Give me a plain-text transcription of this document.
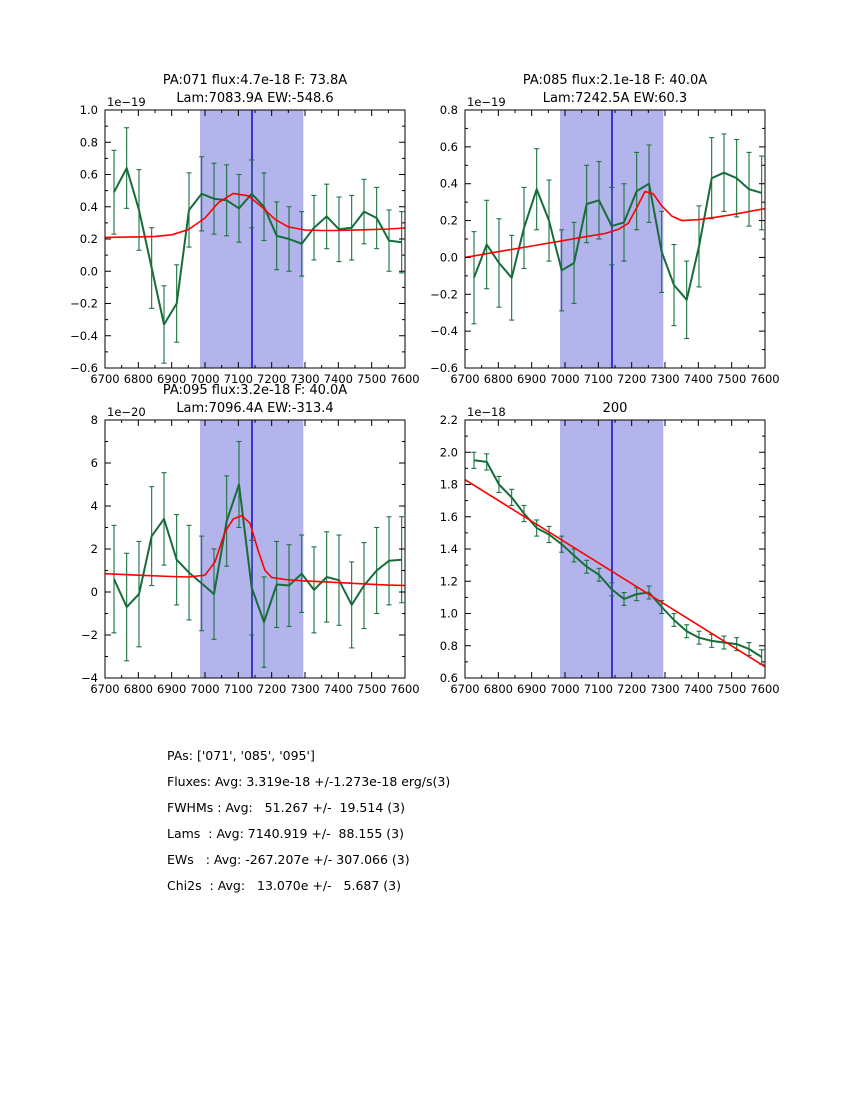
6700 6800 6900 7000 7100 7200 7300 7400 7500 7600
−0.6
−0.4
−0.2
0.0
0.2
0.4
0.6
0.8
1.0
1e−19
PA:071 flux:4.7e-18 F: 73.8A
Lam:7083.9A EW:-548.6
6700 6800 6900 7000 7100 7200 7300 7400 7500 7600
−0.6
−0.4
−0.2
0.0
0.2
0.4
0.6
0.8
1e−19
PA:085 flux:2.1e-18 F: 40.0A
Lam:7242.5A EW:60.3
6700 6800 6900 7000 7100 7200 7300 7400 7500 7600
−4
−2
0
2
4
6
8
1e−20
PA:095 flux:3.2e-18 F: 40.0A
Lam:7096.4A EW:-313.4
6700 6800 6900 7000 7100 7200 7300 7400 7500 7600
0.6
0.8
1.0
1.2
1.4
1.6
1.8
2.0
2.2
1e−18	200
PAs: ['071', '085', '095']
Fluxes: Avg: 3.319e-18 +/-1.273e-18 erg/s(3)
FWHMs : Avg:   51.267 +/-  19.514 (3)
Lams  : Avg: 7140.919 +/-  88.155 (3)
EWs   : Avg: -267.207e +/- 307.066 (3)
Chi2s  : Avg:   13.070e +/-   5.687 (3)
